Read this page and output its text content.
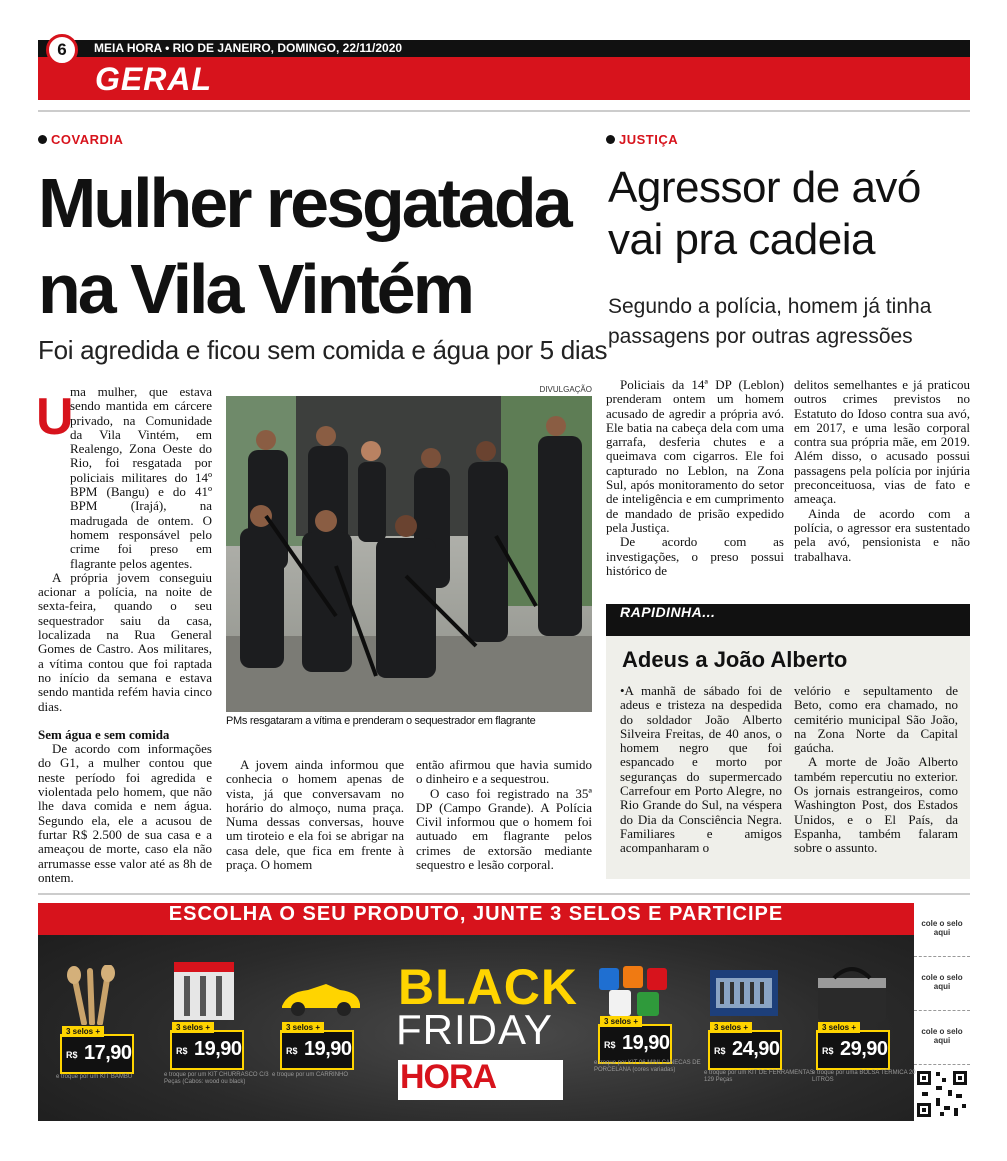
6	MEIA HORA • RIO DE JANEIRO, DOMINGO, 22/11/2020
GERAL
COVARDIA
Mulher resgatada na Vila Vintém
Foi agredida e ficou sem comida e água por 5 dias
U

ma mulher, que estava sendo mantida em cárcere privado, na Comunidade da Vila Vintém, em Realengo, Zona Oeste do Rio, foi resgatada por policiais militares do 14º BPM (Bangu) e do 41º BPM (Irajá), na madrugada de ontem. O homem responsável pelo crime foi preso em flagrante pelos agentes.

A própria jovem conseguiu acionar a polícia, na noite de sexta-feira, quando o seu sequestrador saiu da casa, localizada na Rua General Gomes de Castro. Aos militares, a vítima contou que foi raptada no início da semana e estava sendo mantida refém havia cinco dias.

Sem água e sem comida

De acordo com informações do G1, a mulher contou que neste período foi agredida e violentada pelo homem, que não lhe dava comida e nem água. Segundo ela, ele a acusou de furtar R$ 2.500 de sua casa e a ameaçou de morte, caso ela não arrumasse esse valor até as 8h de ontem.

DIVULGAÇÃO
PMs resgataram a vítima e prenderam o sequestrador em flagrante

A jovem ainda informou que conhecia o homem apenas de vista, já que conversavam no horário do almoço, numa praça. Numa dessas conversas, houve um tiroteio e ela foi se abrigar na casa dele, que fica em frente à praça. O homem

então afirmou que havia sumido o dinheiro e a sequestrou.

O caso foi registrado na 35ª DP (Campo Grande). A Polícia Civil informou que o homem foi autuado em flagrante pelos crimes de extorsão mediante sequestro e lesão corporal.

JUSTIÇA
Agressor de avó vai pra cadeia
Segundo a polícia, homem já tinha passagens por outras agressões

Policiais da 14ª DP (Leblon) prenderam ontem um homem acusado de agredir a própria avó. Ele batia na cabeça dela com uma garrafa, desferia chutes e a queimava com cigarros. Ele foi capturado no Leblon, na Zona Sul, após monitoramento do setor de inteligência e em cumprimento de mandado de prisão expedido pela Justiça.

De acordo com as investigações, o preso possui histórico de

delitos semelhantes e já praticou outros crimes previstos no Estatuto do Idoso contra sua avó, em 2017, e uma lesão corporal contra sua própria mãe, em 2019. Além disso, o acusado possui passagens pela polícia por injúria preconceituosa, vias de fato e ameaça.

Ainda de acordo com a polícia, o agressor era sustentado pela avó, pensionista e não trabalhava.

RAPIDINHA...
Adeus a João Alberto

•A manhã de sábado foi de adeus e tristeza na despedida do soldador João Alberto Silveira Freitas, de 40 anos, o homem negro que foi espancado e morto por seguranças do supermercado Carrefour em Porto Alegre, no Rio Grande do Sul, na véspera do Dia da Consciência Negra. Familiares e amigos acompanharam o

velório e sepultamento de Beto, como era chamado, no cemitério municipal São João, na Zona Norte da Capital gaúcha.

A morte de João Alberto também repercutiu no exterior. Os jornais estrangeiros, como Washington Post, dos Estados Unidos, e o El País, da Espanha, também falaram sobre o assunto.

ESCOLHA O SEU PRODUTO, JUNTE 3 SELOS E PARTICIPE	cole o selo aqui
cole o selo aqui
cole o selo aqui
3 selos +
R$ 17,90
e troque por um KIT BAMBU
3 selos +
R$ 19,90
e troque por um KIT CHURRASCO C/3 Peças (Cabos: wood ou black)
3 selos +
R$ 19,90
e troque por um CARRINHO
3 selos +
R$ 19,90
e troque por KIT 06 MINI CANECAS DE PORCELANA (cores variadas)
3 selos +
R$ 24,90
e troque por um KIT DE FERRAMENTAS 129 Peças
3 selos +
R$ 29,90
e troque por uma BOLSA TÉRMICA 20 LITROS
BLACK
FRIDAY
HORA
